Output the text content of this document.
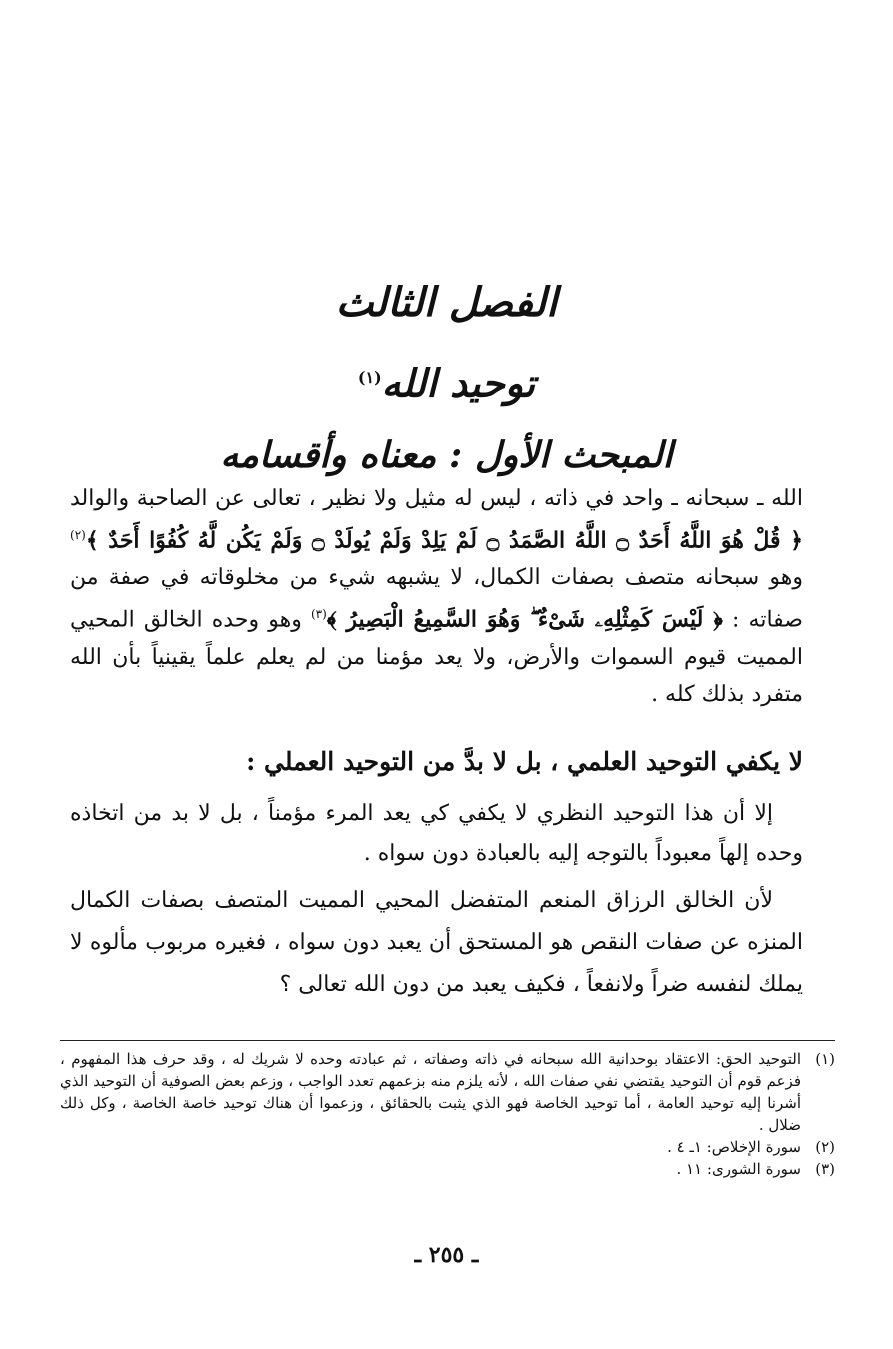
الفصل الثالث
توحيد الله$^{(١)}$
المبحث الأول : معناه وأقسامه

الله ـ سبحانه ـ واحد في ذاته ، ليس له مثيل ولا نظير ، تعالى عن الصاحبة والوالد ﴿ قُلْ هُوَ اللَّهُ أَحَدٌ ۝ اللَّهُ الصَّمَدُ ۝ لَمْ يَلِدْ وَلَمْ يُولَدْ ۝ وَلَمْ يَكُن لَّهُ كُفُوًا أَحَدٌ ﴾$^{(٢)}$ وهو سبحانه متصف بصفات الكمال، لا يشبهه شيء من مخلوقاته في صفة من صفاته : ﴿ لَيْسَ كَمِثْلِهِۦ شَىْءٌ ۖ وَهُوَ السَّمِيعُ الْبَصِيرُ ﴾$^{(٣)}$ وهو وحده الخالق المحيي المميت قيوم السموات والأرض، ولا يعد مؤمنا من لم يعلم علماً يقينياً بأن الله متفرد بذلك كله .

لا يكفي التوحيد العلمي ، بل لا بدَّ من التوحيد العملي :

إلا أن هذا التوحيد النظري لا يكفي كي يعد المرء مؤمناً ، بل لا بد من اتخاذه وحده إلهاً معبوداً بالتوجه إليه بالعبادة دون سواه .

لأن الخالق الرزاق المنعم المتفضل المحيي المميت المتصف بصفات الكمال المنزه عن صفات النقص هو المستحق أن يعبد دون سواه ، فغيره مربوب مألوه لا يملك لنفسه ضراً ولانفعاً ، فكيف يعبد من دون الله تعالى ؟

(١)
التوحيد الحق: الاعتقاد بوحدانية الله سبحانه في ذاته وصفاته ، ثم عبادته وحده لا شريك له ، وقد حرف هذا المفهوم ، فزعم قوم أن التوحيد يقتضي نفي صفات الله ، لأنه يلزم منه بزعمهم تعدد الواجب ، وزعم بعض الصوفية أن التوحيد الذي أشرنا إليه توحيد العامة ، أما توحيد الخاصة فهو الذي يثبت بالحقائق ، وزعموا أن هناك توحيد خاصة الخاصة ، وكل ذلك ضلال .
(٢)
سورة الإخلاص: ١ـ ٤ .
(٣)
سورة الشورى: ١١ .
ـ ٢٥٥ ـ
